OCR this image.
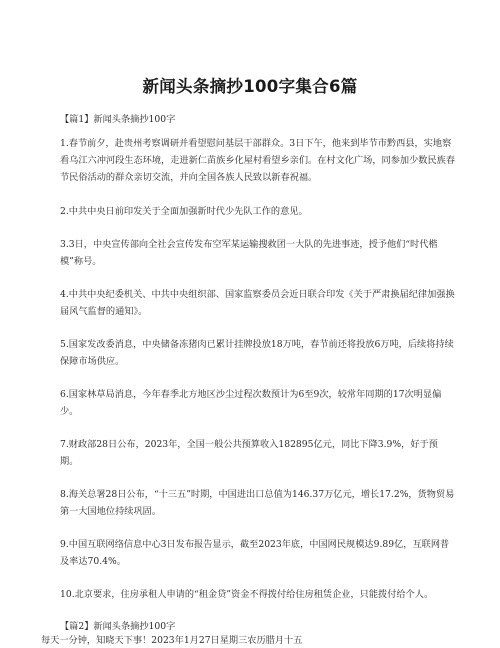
新闻头条摘抄100字集合6篇
【篇1】新闻头条摘抄100字
1.春节前夕，赴贵州考察调研并看望慰问基层干部群众。3日下午，他来到毕节市黔西县，实地察看乌江六冲河段生态环境，走进新仁苗族乡化屋村看望乡亲们。在村文化广场，同参加少数民族春节民俗活动的群众亲切交流，并向全国各族人民致以新春祝福。
2.中共中央日前印发关于全面加强新时代少先队工作的意见。
3.3日，中央宣传部向全社会宣传发布空军某运输搜救团一大队的先进事迹，授予他们“时代楷模”称号。
4.中共中央纪委机关、中共中央组织部、国家监察委员会近日联合印发《关于严肃换届纪律加强换届风气监督的通知》。
5.国家发改委消息，中央储备冻猪肉已累计挂牌投放18万吨，春节前还将投放6万吨，后续将持续保障市场供应。
6.国家林草局消息，今年春季北方地区沙尘过程次数预计为6至9次，较常年同期的17次明显偏少。
7.财政部28日公布，2023年，全国一般公共预算收入182895亿元，同比下降3.9%，好于预期。
8.海关总署28日公布，“十三五”时期，中国进出口总值为146.37万亿元，增长17.2%，货物贸易第一大国地位持续巩固。
9.中国互联网络信息中心3日发布报告显示，截至2023年底，中国网民规模达9.89亿，互联网普及率达70.4%。
10.北京要求，住房承租人申请的“租金贷”资金不得拨付给住房租赁企业，只能拨付给个人。
【篇2】新闻头条摘抄100字
每天一分钟，知晓天下事！2023年1月27日星期三农历腊月十五
